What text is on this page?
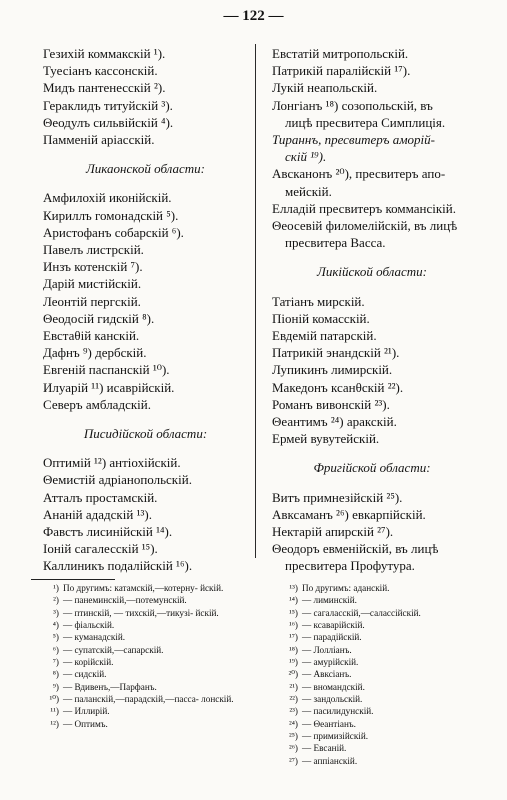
— 122 —
Гезихій коммакскій ¹).
Туесіанъ кассонскій.
Мидъ пантенесскій ²).
Гераклидъ титуйскій ³).
Θеодулъ сильвійскій ⁴).
Памменій аріасскій.
Ликаонской области:
Амфилохій иконійскій.
Кириллъ гомонадскій ⁵).
Аристофанъ собарскій ⁶).
Павелъ листрскій.
Инзъ котенскій ⁷).
Дарій мистійскій.
Леонтій пергскій.
Θеодосій гидскій ⁸).
Евстаθій канскій.
Дафнъ ⁹) дербскій.
Евгеній паспанскій ¹⁰).
Илуарій ¹¹) исаврійскій.
Северъ амбладскій.
Писидійской области:
Оптимій ¹²) антіохійскій.
Θемистій адріанопольскій.
Атталъ простамскій.
Ананій ададскій ¹³).
Фавстъ лисинійскій ¹⁴).
Іоній сагалесскій ¹⁵).
Каллиникъ подалійскій ¹⁶).
Евстатій митропольскій.
Патрикій паралійскій ¹⁷).
Лукій неапольскій.
Лонгіанъ ¹⁸) созопольскій, въ
лицѣ пресвитера Симплиція.
Тираннъ, пресвитеръ аморій-
скій ¹⁹).
Авсканонъ ²⁰), пресвитеръ апо-
мейскій.
Елладій пресвитеръ коммансікій.
Θеосевій филомелійскій, въ лицѣ
пресвитера Васса.
Ликійской области:
Татіанъ мирскій.
Піоній комасскій.
Евдемій патарскій.
Патрикій энандскій ²¹).
Лупикинъ лимирскій.
Македонъ ксанθскій ²²).
Романъ вивонскій ²³).
Θеантимъ ²⁴) аракскій.
Ермей вувутейскій.
Фригійской области:
Витъ примнезійскій ²⁵).
Авксаманъ ²⁶) евкарпійскій.
Нектарій апирскій ²⁷).
Θеодоръ евменійскій, въ лицѣ
пресвитера Профутура.
¹) По другимъ: катамскій,—котерну- йскій.
²) — панеминскій,—потемунскій.
³) — птинскій, — тихскій,—тикузі- йскій.
⁴) — фіальскій.
⁵) — куманадскій.
⁶) — супатскій,—сапарскій.
⁷) — корійскій.
⁸) — сидскій.
⁹) — Вдивенъ,—Парфанъ.
¹⁰) — паланскій,—парадскій,—пасса- лонскій.
¹¹) — Иллирій.
¹²) — Оптимъ.
¹³) По другимъ: аданскій.
¹⁴) — лиминскій.
¹⁵) — сагаласскій,—салассійскій.
¹⁶) — ксаварійскій.
¹⁷) — парадійскій.
¹⁸) — Лолліанъ.
¹⁹) — амурійскій.
²⁰) — Авксіанъ.
²¹) — вномандскій.
²²) — зандольскій.
²³) — пасилидунскій.
²⁴) — Θеантіанъ.
²⁵) — примизійскій.
²⁶) — Евсаній.
²⁷) — аппіанскій.
